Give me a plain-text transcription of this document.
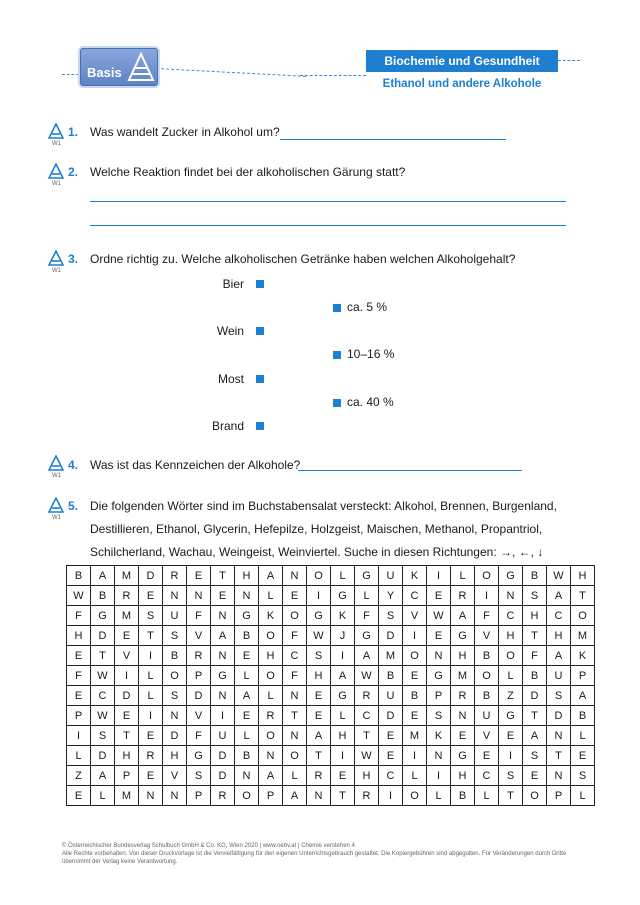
Basis
Biochemie und Gesundheit
Ethanol und andere Alkohole
W1
1. Was wandelt Zucker in Alkohol um?
W1
2. Welche Reaktion findet bei der alkoholischen Gärung statt?
W1
3. Ordne richtig zu. Welche alkoholischen Getränke haben welchen Alkoholgehalt?
Bier
Wein
Most
Brand
ca. 5 %
10–16 %
ca. 40 %
W1
4. Was ist das Kennzeichen der Alkohole?
W1
5. Die folgenden Wörter sind im Buchstabensalat versteckt: Alkohol, Brennen, Burgenland,
Destillieren, Ethanol, Glycerin, Hefepilze, Holzgeist, Maischen, Methanol, Propantriol,
Schilcherland, Wachau, Weingeist, Weinviertel. Suche in diesen Richtungen: →, ←, ↓
B	A	M	D	R	E	T	H	A	N	O	L	G	U	K	I	L	O	G	B	W	H
W	B	R	E	N	N	E	N	L	E	I	G	L	Y	C	E	R	I	N	S	A	T
F	G	M	S	U	F	N	G	K	O	G	K	F	S	V	W	A	F	C	H	C	O
H	D	E	T	S	V	A	B	O	F	W	J	G	D	I	E	G	V	H	T	H	M
E	T	V	I	B	R	N	E	H	C	S	I	A	M	O	N	H	B	O	F	A	K
F	W	I	L	O	P	G	L	O	F	H	A	W	B	E	G	M	O	L	B	U	P
E	C	D	L	S	D	N	A	L	N	E	G	R	U	B	P	R	B	Z	D	S	A
P	W	E	I	N	V	I	E	R	T	E	L	C	D	E	S	N	U	G	T	D	B
I	S	T	E	D	F	U	L	O	N	A	H	T	E	M	K	E	V	E	A	N	L
L	D	H	R	H	G	D	B	N	O	T	I	W	E	I	N	G	E	I	S	T	E
Z	A	P	E	V	S	D	N	A	L	R	E	H	C	L	I	H	C	S	E	N	S
E	L	M	N	N	P	R	O	P	A	N	T	R	I	O	L	B	L	T	O	P	L
© Österreichischer Bundesverlag Schulbuch GmbH & Co. KG, Wien 2020 | www.oebv.at | Chemie verstehen 4
Alle Rechte vorbehalten. Von dieser Druckvorlage ist die Vervielfältigung für den eigenen Unterrichtsgebrauch gestattet. Die Kopiergebühren sind abgegolten. Für Veränderungen durch Dritte übernimmt der Verlag keine Verantwortung.
